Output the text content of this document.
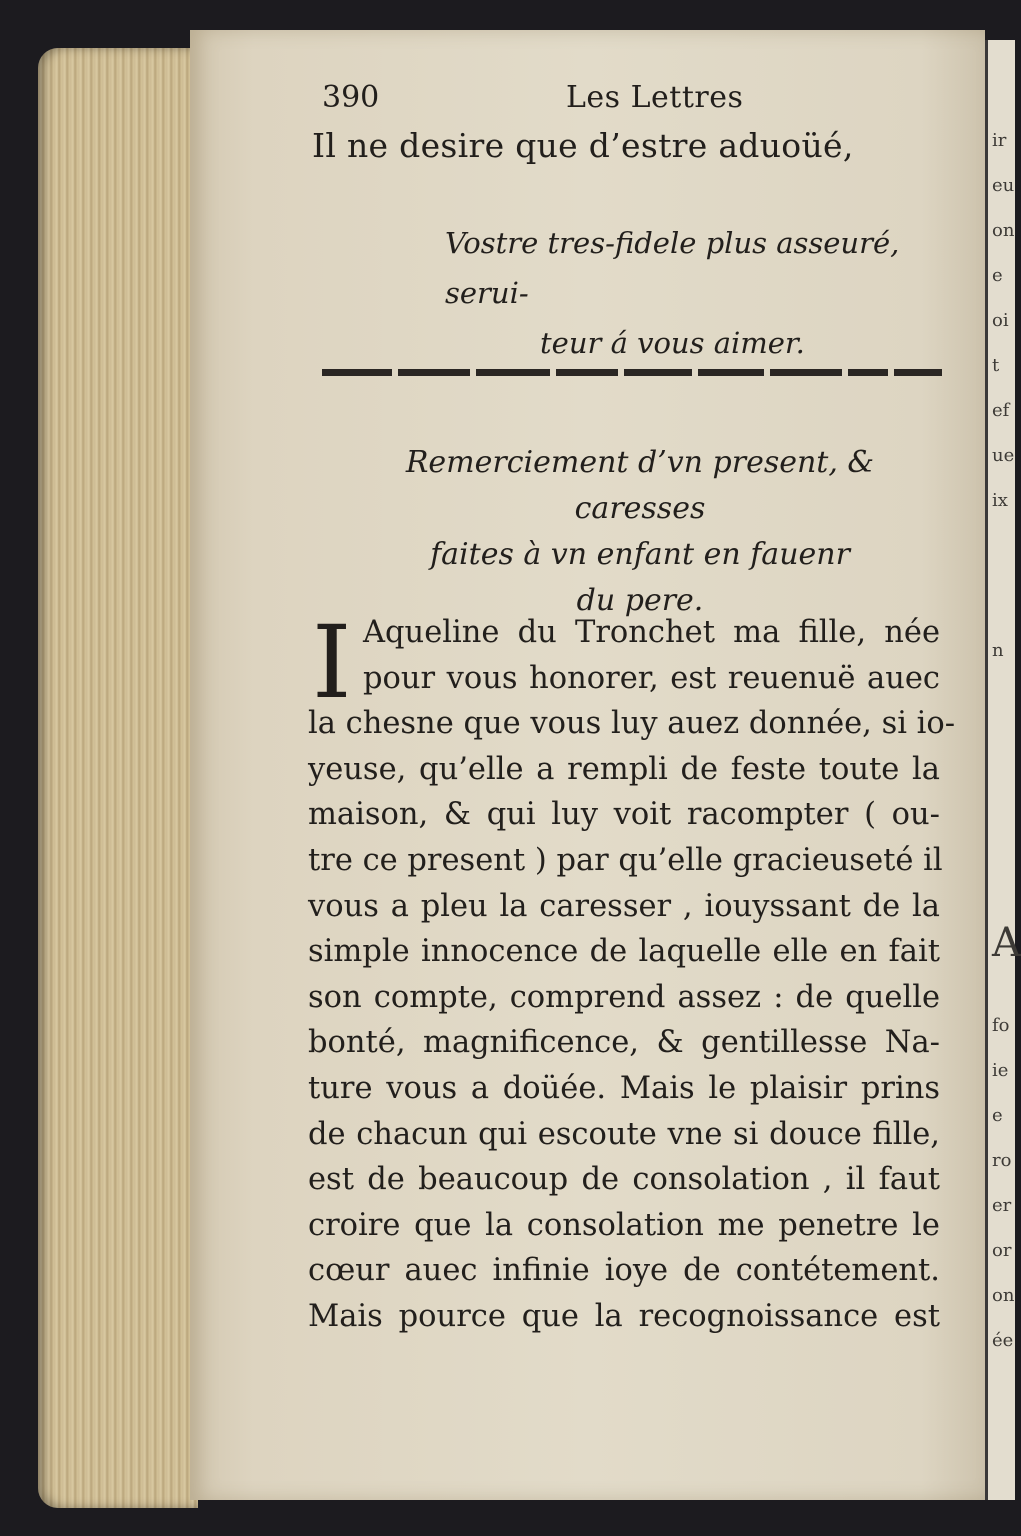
ir
eu
on
e
oi
t
ef
ue
ix
n
A
fo
ie
e
ro
er
or
on
ée
390	Les Lettres
Il ne desire que d’estre aduoüé,
Vostre tres-fidele plus asseuré, serui-
teur á vous aimer.
Remerciement d’vn present, & caresses
faites à vn enfant en fauenr
du pere.
I Aqueline du Tronchet ma fille, née
pour vous honorer, est reuenuë auec
la chesne que vous luy auez donnée, si io-
yeuse, qu’elle a rempli de feste toute la
maison, & qui luy voit racompter ( ou-
tre ce present ) par qu’elle gracieuseté il
vous a pleu la caresser , iouyssant de la
simple innocence de laquelle elle en fait
son compte, comprend assez : de quelle
bonté, magnificence, & gentillesse Na-
ture vous a doüée. Mais le plaisir prins
de chacun qui escoute vne si douce fille,
est de beaucoup de consolation , il faut
croire que la consolation me penetre le
cœur auec infinie ioye de contétement.
Mais pource que la recognoissance est
